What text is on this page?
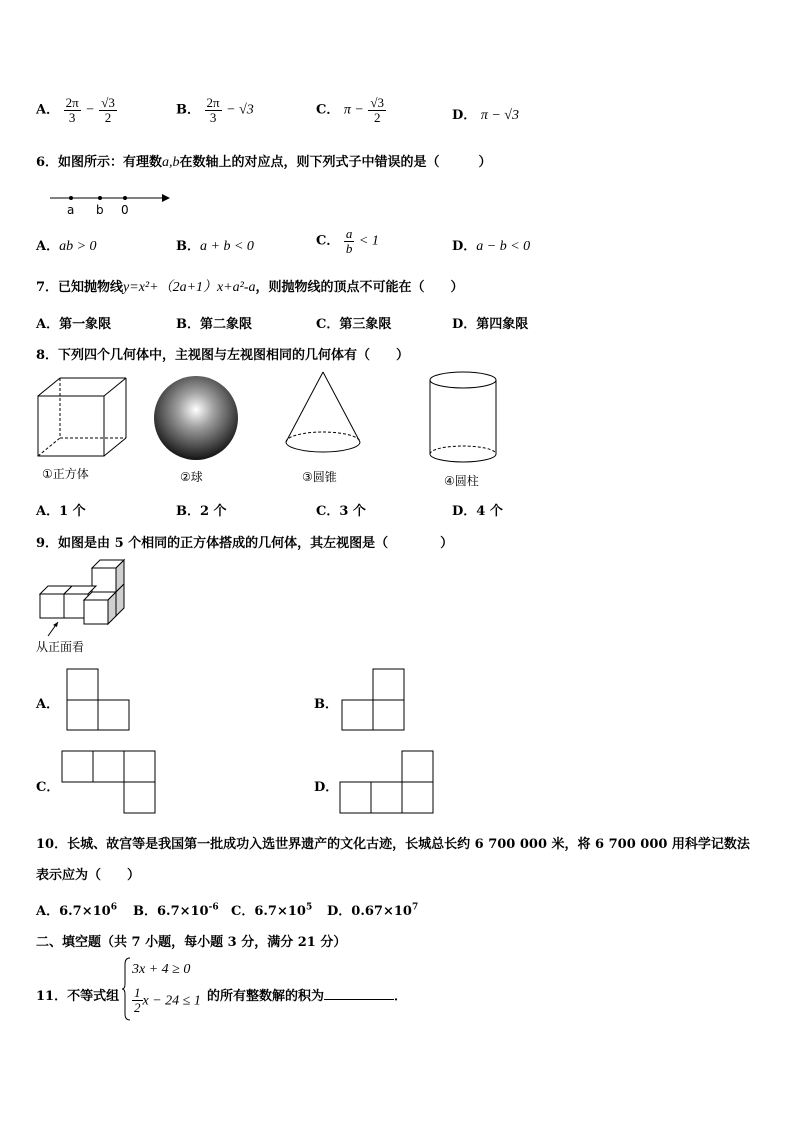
A． $\frac{2\pi}{3} - \frac{√3}{2}$	B． $\frac{2\pi}{3} - √3$	C． $\pi - \frac{√3}{2}$	D． π − √3
6．如图所示：有理数a,b在数轴上的对应点，则下列式子中错误的是（　　　）
a b 0
A．ab > 0	B．a + b < 0	C． $\frac{a}{b} < 1$	D．a − b < 0
7．已知抛物线y=x²+（2a+1）x+a²-a，则抛物线的顶点不可能在（　　）
A．第一象限	B．第二象限	C．第三象限	D．第四象限
8．下列四个几何体中，主视图与左视图相同的几何体有（　　）
①正方体	②球	③圆锥	④圆柱
A．1 个	B．2 个	C．3 个	D．4 个
9．如图是由 5 个相同的正方体搭成的几何体，其左视图是（　　　　）
从正面看
A．	B．
C．	D．
10．长城、故宫等是我国第一批成功入选世界遗产的文化古迹，长城总长约 6 700 000 米，将 6 700 000 用科学记数法
表示应为（　　）
A．$6.7\times 10^6$ B．$6.7\times 10^{-6}$ C．$6.7\times 10^5$ D．$0.67\times 10^7$
二、填空题（共 7 小题，每小题 3 分，满分 21 分）
11．不等式组
3x + 4 ≥ 0
$\frac{1}{2}$ x − 24 ≤ 1 的所有整数解的积为	．
